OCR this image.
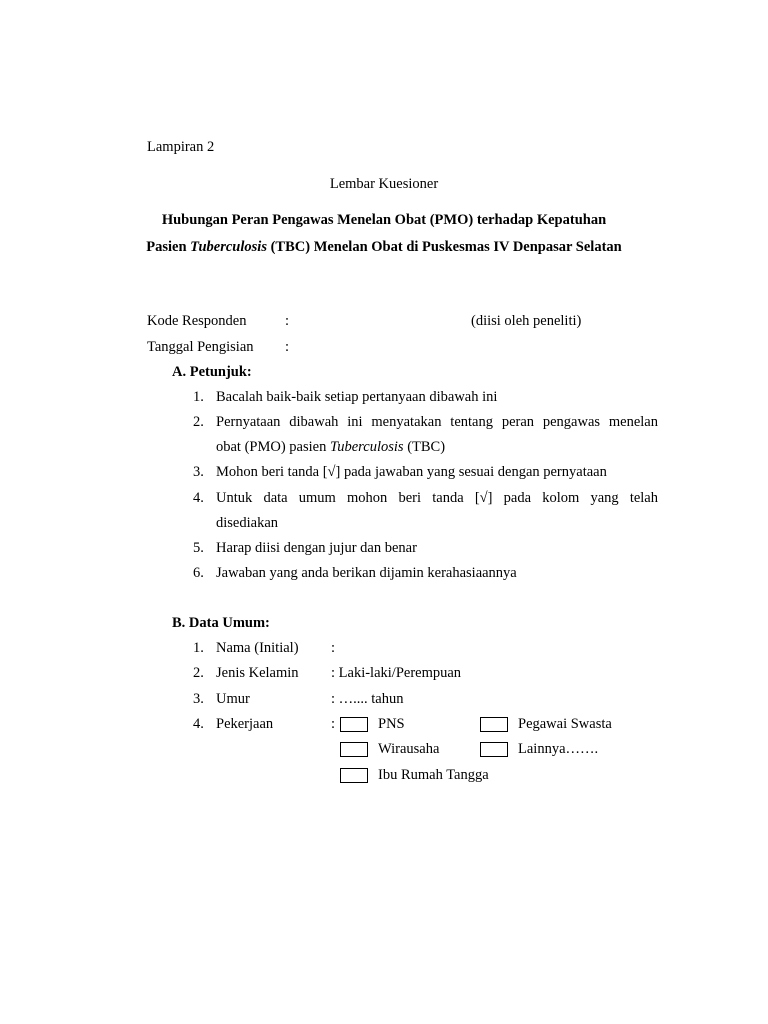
Lampiran 2
Lembar Kuesioner
Hubungan Peran Pengawas Menelan Obat (PMO) terhadap Kepatuhan
Pasien Tuberculosis (TBC) Menelan Obat di Puskesmas IV Denpasar Selatan
Kode Responden	:	(diisi oleh peneliti)
Tanggal Pengisian :
A. Petunjuk:
1. Bacalah baik-baik setiap pertanyaan dibawah ini
2. Pernyataan dibawah ini menyatakan tentang peran pengawas menelan
obat (PMO) pasien Tuberculosis (TBC)
3. Mohon beri tanda [√] pada jawaban yang sesuai dengan pernyataan
4. Untuk data umum mohon beri tanda [√] pada kolom yang telah
disediakan
5. Harap diisi dengan jujur dan benar
6. Jawaban yang anda berikan dijamin kerahasiaannya
B. Data Umum:
1. Nama (Initial) :
2. Jenis Kelamin : Laki-laki/Perempuan
3. Umur	: ….... tahun
4. Pekerjaan	:	PNS	Pegawai Swasta
Wirausaha	Lainnya…….
Ibu Rumah Tangga
